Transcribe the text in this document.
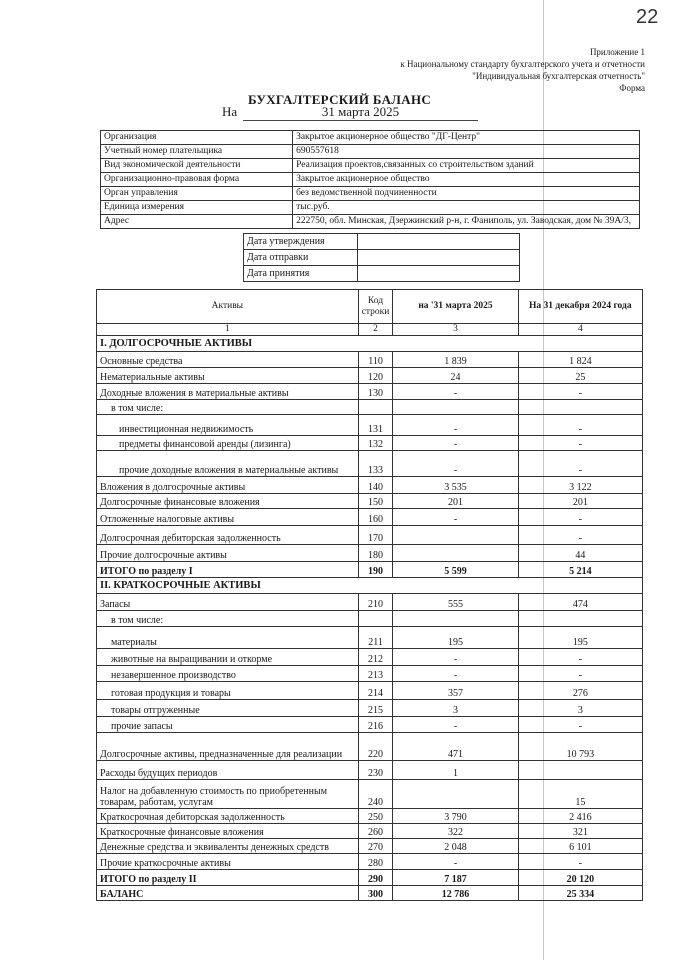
22
Приложение 1
к Национальному стандарту бухгалтерского учета и отчетности
"Индивидуальная бухгалтерская отчетность"
Форма
БУХГАЛТЕРСКИЙ БАЛАНС
На	31 марта 2025
Организация	Закрытое акционерное общество "ДГ-Центр"
Учетный номер плательщика	690557618
Вид экономической деятельности	Реализация проектов,связанных со строительством зданий
Организационно-правовая форма	Закрытое акционерное общество
Орган управления	без ведомственной подчиненности
Единица измерения	тыс.руб.
Адрес	222750, обл. Минская, Дзержинский р-н, г. Фаниполь, ул. Заводская, дом № 39А/3,
Дата утверждения	
Дата отправки	
Дата принятия	
Активы	Код строки	на '31 марта 2025	На 31 декабря 2024 года
1	2	3	4
I. ДОЛГОСРОЧНЫЕ АКТИВЫ			
Основные средства	110	1 839	1 824
Нематериальные активы	120	24	25
Доходные вложения в материальные активы	130	-	-
в том числе:			
инвестиционная недвижимость	131	-	-
предметы финансовой аренды (лизинга)	132	-	-
прочие доходные вложения в материальные активы	133	-	-
Вложения в долгосрочные активы	140	3 535	3 122
Долгосрочные финансовые вложения	150	201	201
Отложенные налоговые активы	160	-	-
Долгосрочная дебиторская задолженность	170		-
Прочие долгосрочные активы	180		44
ИТОГО по разделу I	190	5 599	5 214
II. КРАТКОСРОЧНЫЕ АКТИВЫ			
Запасы	210	555	474
в том числе:			
материалы	211	195	195
животные на выращивании и откорме	212	-	-
незавершенное производство	213	-	-
готовая продукция и товары	214	357	276
товары отгруженные	215	3	3
прочие запасы	216	-	-
Долгосрочные активы, предназначенные для реализации	220	471	10 793
Расходы будущих периодов	230	1	
Налог на добавленную стоимость по приобретенным товарам, работам, услугам	240		15
Краткосрочная дебиторская задолженность	250	3 790	2 416
Краткосрочные финансовые вложения	260	322	321
Денежные средства и эквиваленты денежных средств	270	2 048	6 101
Прочие краткосрочные активы	280	-	-
ИТОГО по разделу II	290	7 187	20 120
БАЛАНС	300	12 786	25 334
